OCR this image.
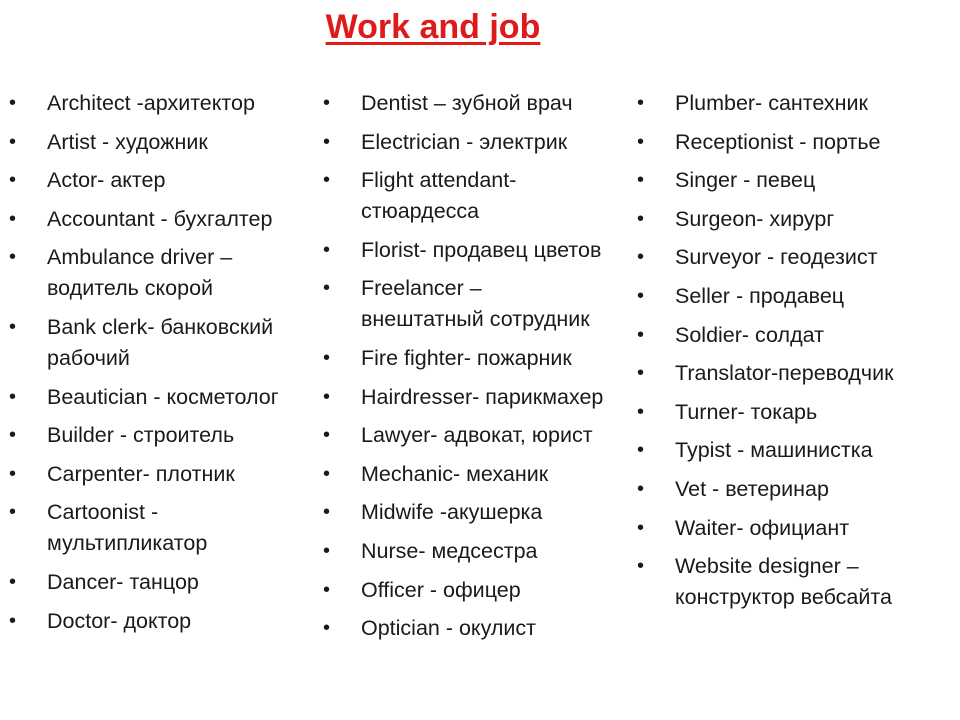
Work and job
• Architect -архитектор
• Artist - художник
• Actor- актер
• Accountant - бухгалтер
• Ambulance driver –
водитель скорой
• Bank clerk- банковский
рабочий
• Beautician - косметолог
• Builder - строитель
• Carpenter- плотник
• Cartoonist -
мультипликатор
• Dancer- танцор
• Doctor- доктор
• Dentist – зубной врач
• Electrician - электрик
• Flight attendant-
стюардесса
• Florist- продавец цветов
• Freelancer –
внештатный сотрудник
• Fire fighter- пожарник
• Hairdresser- парикмахер
• Lawyer- адвокат, юрист
• Mechanic- механик
• Midwife -акушерка
• Nurse- медсестра
• Officer - офицер
• Optician - окулист
• Plumber- сантехник
• Receptionist - портье
• Singer - певец
• Surgeon- хирург
• Surveyor - геодезист
• Seller - продавец
• Soldier- солдат
• Translator-переводчик
• Turner- токарь
• Typist - машинистка
• Vet - ветеринар
• Waiter- официант
• Website designer –
конструктор вебсайта
